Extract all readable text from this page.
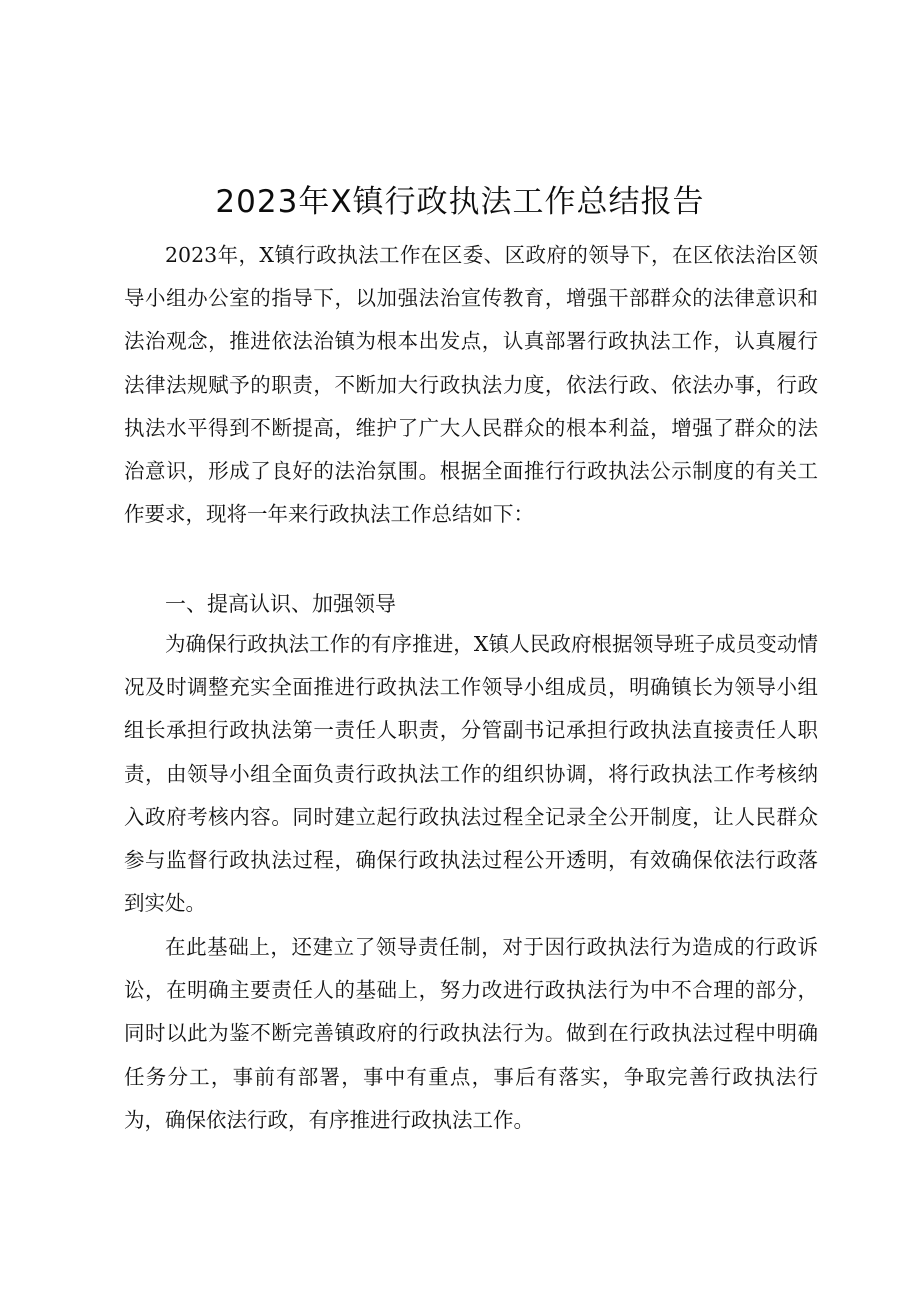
2023年X镇行政执法工作总结报告

2023年，X镇行政执法工作在区委、区政府的领导下，在区依法治区领导小组办公室的指导下，以加强法治宣传教育，增强干部群众的法律意识和法治观念，推进依法治镇为根本出发点，认真部署行政执法工作，认真履行法律法规赋予的职责，不断加大行政执法力度，依法行政、依法办事，行政执法水平得到不断提高，维护了广大人民群众的根本利益，增强了群众的法治意识，形成了良好的法治氛围。根据全面推行行政执法公示制度的有关工作要求，现将一年来行政执法工作总结如下：

一、提高认识、加强领导

为确保行政执法工作的有序推进，X镇人民政府根据领导班子成员变动情况及时调整充实全面推进行政执法工作领导小组成员，明确镇长为领导小组组长承担行政执法第一责任人职责，分管副书记承担行政执法直接责任人职责，由领导小组全面负责行政执法工作的组织协调，将行政执法工作考核纳入政府考核内容。同时建立起行政执法过程全记录全公开制度，让人民群众参与监督行政执法过程，确保行政执法过程公开透明，有效确保依法行政落到实处。

在此基础上，还建立了领导责任制，对于因行政执法行为造成的行政诉讼，在明确主要责任人的基础上，努力改进行政执法行为中不合理的部分，同时以此为鉴不断完善镇政府的行政执法行为。做到在行政执法过程中明确任务分工，事前有部署，事中有重点，事后有落实，争取完善行政执法行为，确保依法行政，有序推进行政执法工作。
